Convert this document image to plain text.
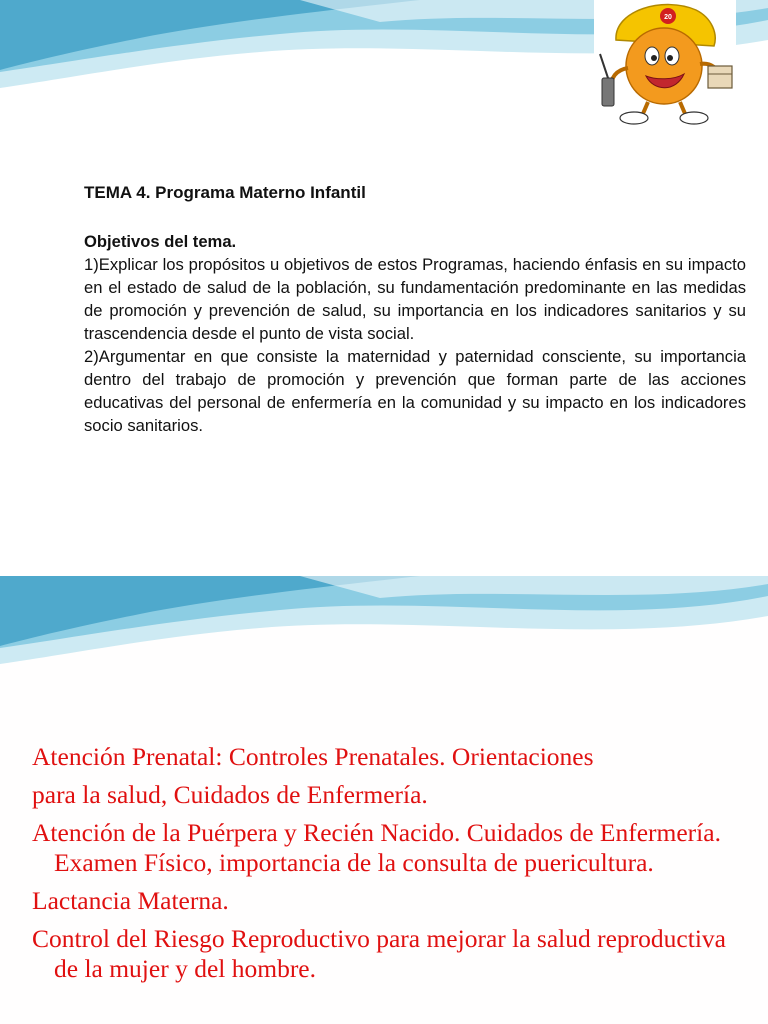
20
TEMA 4. Programa Materno Infantil
Objetivos del tema.

1)Explicar los propósitos u objetivos de estos Programas, haciendo énfasis en su impacto en el estado de salud de la población, su fundamentación predominante en las medidas de promoción y prevención de salud, su importancia en los indicadores sanitarios y su trascendencia desde el punto de vista social.

2)Argumentar en que consiste la maternidad y paternidad consciente, su importancia dentro del trabajo de promoción y prevención que forman parte de las acciones educativas del personal de enfermería en la comunidad y su impacto en los indicadores socio sanitarios.

Atención Prenatal: Controles Prenatales. Orientaciones

para la salud, Cuidados de Enfermería.

Atención de la Puérpera y Recién Nacido. Cuidados de Enfermería. Examen Físico, importancia de la consulta de puericultura.

Lactancia Materna.

Control del Riesgo Reproductivo para mejorar la salud reproductiva de la mujer y del hombre.
